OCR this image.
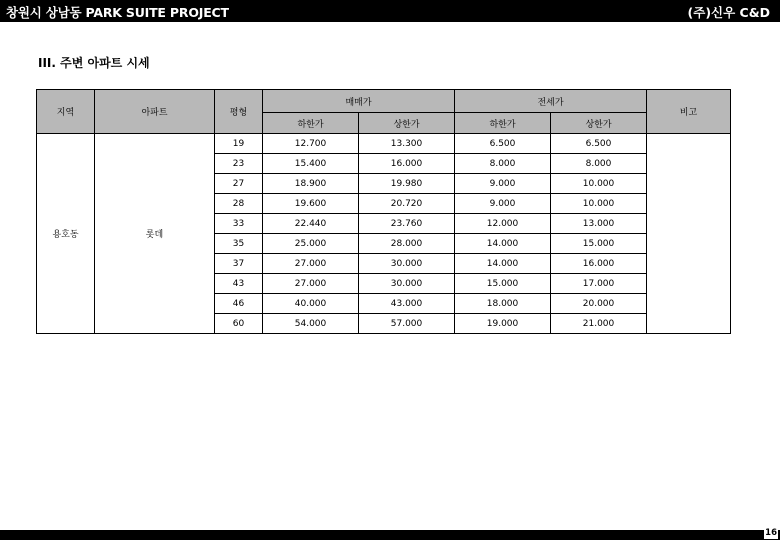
창원시 상남동 PARK SUITE PROJECT	(주)신우 C&D
III. 주변 아파트 시세
지역	아파트	평형	매매가		전세가		비고
			하한가	상한가	하한가	상한가	
용호동	롯데	19	12.700	13.300	6.500	6.500	
		23	15.400	16.000	8.000	8.000	
		27	18.900	19.980	9.000	10.000	
		28	19.600	20.720	9.000	10.000	
		33	22.440	23.760	12.000	13.000	
		35	25.000	28.000	14.000	15.000	
		37	27.000	30.000	14.000	16.000	
		43	27.000	30.000	15.000	17.000	
		46	40.000	43.000	18.000	20.000	
		60	54.000	57.000	19.000	21.000	
16
